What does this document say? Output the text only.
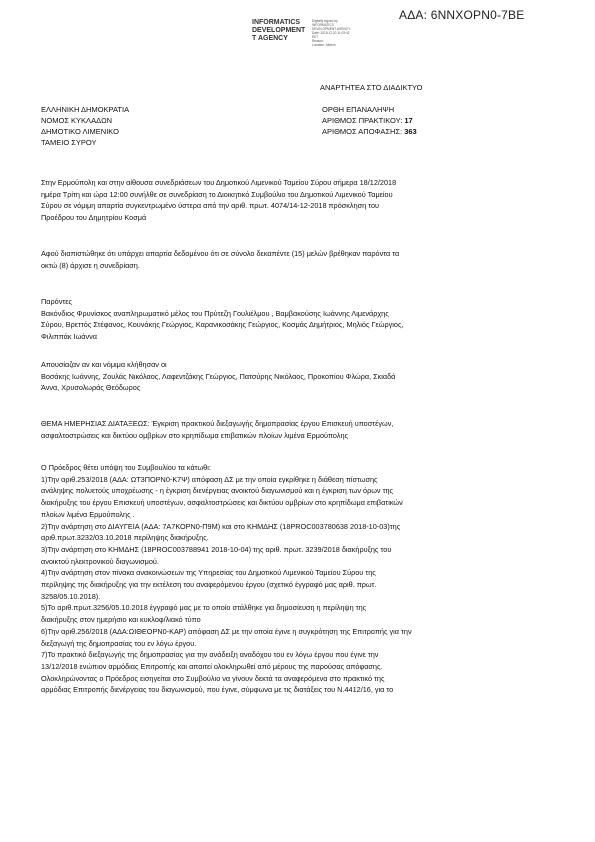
ΑΔΑ: 6ΝΝΧΟΡΝ0-7ΒΕ
INFORMATICS
DEVELOPMENT
T AGENCY
Digitally signed by
INFORMATICS
DEVELOPMENT AGENCY
Date: 2018.12.20 11:03:42
EET
Reason:
Location: Athens
ΑΝΑΡΤΗΤΕΑ ΣΤΟ ΔΙΑΔΙΚΤΥΟ
ΕΛΛΗΝΙΚΗ ΔΗΜΟΚΡΑΤΙΑ
ΝΟΜΟΣ ΚΥΚΛΑΔΩΝ
ΔΗΜΟΤΙΚΟ ΛΙΜΕΝΙΚΟ
ΤΑΜΕΙΟ ΣΥΡΟΥ
ΟΡΘΗ ΕΠΑΝΑΛΗΨΗ
ΑΡΙΘΜΟΣ ΠΡΑΚΤΙΚΟΥ: 17
ΑΡΙΘΜΟΣ ΑΠΟΦΑΣΗΣ: 363
Στην Ερμούπολη και στην αίθουσα συνεδριάσεων του Δημοτικού Λιμενικού Ταμείου Σύρου σήμερα 18/12/2018
ημέρα Τρίτη και ώρα 12:00 συνήλθε σε συνεδρίαση το Διοικητικό Συμβούλιο του Δημοτικού Λιμενικού Ταμείου
Σύρου σε νόμιμη απαρτία συγκεντρωμένο ύστερα από την αριθ. πρωτ. 4074/14-12-2018 πρόσκληση του
Προέδρου του Δημητρίου Κοσμά
Αφού διαπιστώθηκε ότι υπάρχει απαρτία δεδομένου ότι σε σύνολο δεκαπέντε (15) μελών βρέθηκαν παρόντα τα
οκτώ (8) άρχισε η συνεδρίαση.
Παρόντες
Βακόνδιος Φρυνίσκος αναπληρωματικό μέλος του Πρύτεζη Γουλιέλμου , Βαμβακούσης Ιωάννης Λιμενάρχης
Σύρου, Βρεττός Στέφανος, Κουνάκης Γεώργιος, Καρανικοσάκης Γεώργιος, Κοσμάς Δημήτριος, Μηλιός Γεώργιος,
Φιλιππάκ Ιωάννα
Απουσίαζαν αν και νόμιμα κλήθησαν οι
Βοσάκης Ιωάννης, Ζουλάς Νικόλαος, Λαφεντζάκης Γεώργιος, Πατσύρης Νικόλαος, Προκοπίου Φλώρα, Σκιαδά
Άννα, Χρυσολωράς Θεόδωρος
ΘΕΜΑ ΗΜΕΡΗΣΙΑΣ ΔΙΑΤΑΞΕΩΣ: Έγκριση πρακτικού διεξαγωγής δημοπρασίας έργου Επισκευή υποστέγων,
ασφαλτοστρώσεις και δικτύου ομβρίων στο κρηπίδωμα επιβατικών πλοίων λιμένα Ερμούπολης
Ο Πρόεδρος θέτει υπόψη του Συμβουλίου τα κάτωθι:
1)Την αριθ.253/2018 (ΑΔΑ: ΩΤ3ΠΟΡΝ0-Κ7Ψ) απόφαση ΔΣ με την οποία εγκρίθηκε η διάθεση πίστωσης
ανάληψης πολυετούς υποχρέωσης - η έγκριση διενέργειας ανοικτού διαγωνισμού και η έγκριση των όρων της
διακήρυξης του έργου Επισκευή υποστέγων, ασφαλτοστρώσεις και δικτύου ομβρίων στο κρηπίδωμα επιβατικών
πλοίων λιμένα Ερμούπολης .
2)Την ανάρτηση στο ΔΙΑΥΓΕΙΑ (ΑΔΑ: 7Α7ΚΟΡΝ0-Π9Μ) και στο ΚΗΜΔΗΣ (18PROC003780638 2018-10-03)της
αριθ.πρωτ.3232/03.10.2018 περίληψης διακήρυξης.
3)Την ανάρτηση στο ΚΗΜΔΗΣ (18PROC003788941 2018-10-04) της αριθ. πρωτ. 3239/2018 διακήρυξης του
ανοικτού ηλεκτρονικού διαγωνισμού.
4)Την ανάρτηση στον πίνακα ανακοινώσεων της Υπηρεσίας του Δημοτικού Λιμενικού Ταμείου Σύρου της
περίληψης της διακήρυξης για την εκτέλεση του αναφερόμενου έργου (σχετικό έγγραφό μας αριθ. πρωτ.
3258/05.10.2018).
5)Το αριθ.πρωτ.3256/05.10.2018 έγγραφό μας με το οποίο στάλθηκε για δημοσίευση η περίληψη της
διακήρυξης στον ημερήσιο και κυκλοφ/λιακό τύπο
6)Την αριθ.256/2018 (ΑΔΑ:ΩΙΘΕΟΡΝ0-ΚΑΡ) απόφαση ΔΣ με την οποία έγινε η συγκρότηση της Επιτροπής για την
διεξαγωγή της δημοπρασίας του εν λόγω έργου.
7)Το πρακτικό διεξαγωγής της δημοπρασίας για την ανάδειξη αναδόχου του εν λόγω έργου που έγινε την
13/12/2018 ενώπιον αρμόδιας Επιτροπής και απαιτεί ολοκληρωθεί από μέρους της παρούσας απόφασης.
Ολοκληρώνοντας ο Πρόεδρος εισηγείται στο Συμβούλιο να γίνουν δεκτά τα αναφερόμενα στο πρακτικό της
αρμόδιας Επιτροπής διενέργειας του διαγωνισμού, που έγινε, σύμφωνα με τις διατάξεις του Ν.4412/16, για το
